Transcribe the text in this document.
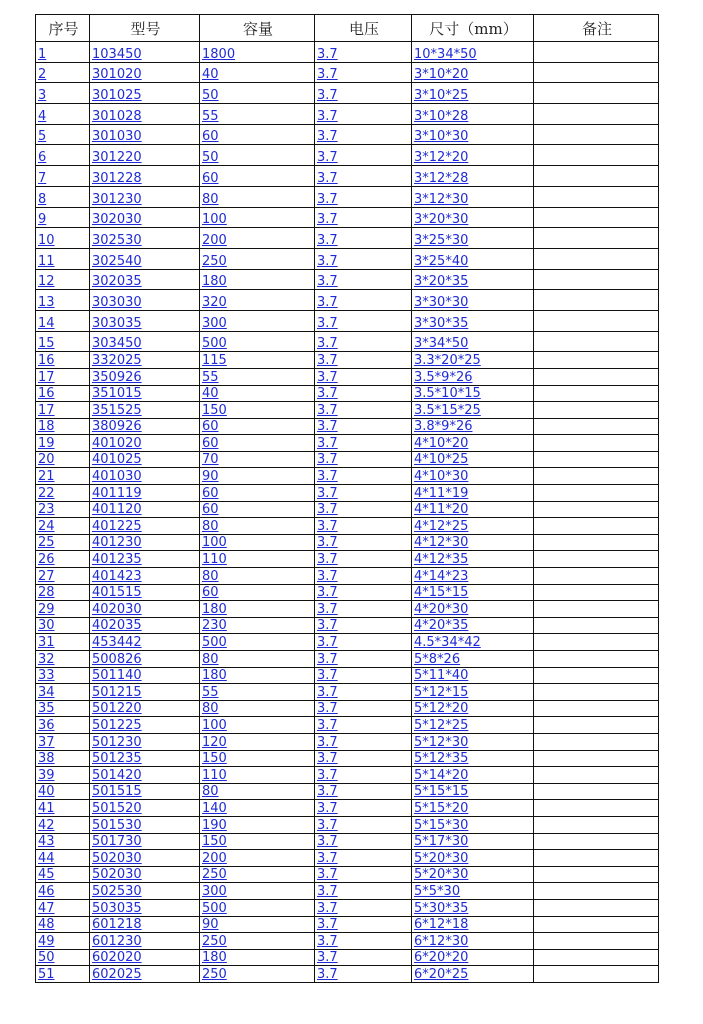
序号	型号	容量	电压	尺寸（mm）	备注
1	103450	1800	3.7	10*34*50	
2	301020	40	3.7	3*10*20	
3	301025	50	3.7	3*10*25	
4	301028	55	3.7	3*10*28	
5	301030	60	3.7	3*10*30	
6	301220	50	3.7	3*12*20	
7	301228	60	3.7	3*12*28	
8	301230	80	3.7	3*12*30	
9	302030	100	3.7	3*20*30	
10	302530	200	3.7	3*25*30	
11	302540	250	3.7	3*25*40	
12	302035	180	3.7	3*20*35	
13	303030	320	3.7	3*30*30	
14	303035	300	3.7	3*30*35	
15	303450	500	3.7	3*34*50	
16	332025	115	3.7	3.3*20*25	
17	350926	55	3.7	3.5*9*26	
16	351015	40	3.7	3.5*10*15	
17	351525	150	3.7	3.5*15*25	
18	380926	60	3.7	3.8*9*26	
19	401020	60	3.7	4*10*20	
20	401025	70	3.7	4*10*25	
21	401030	90	3.7	4*10*30	
22	401119	60	3.7	4*11*19	
23	401120	60	3.7	4*11*20	
24	401225	80	3.7	4*12*25	
25	401230	100	3.7	4*12*30	
26	401235	110	3.7	4*12*35	
27	401423	80	3.7	4*14*23	
28	401515	60	3.7	4*15*15	
29	402030	180	3.7	4*20*30	
30	402035	230	3.7	4*20*35	
31	453442	500	3.7	4.5*34*42	
32	500826	80	3.7	5*8*26	
33	501140	180	3.7	5*11*40	
34	501215	55	3.7	5*12*15	
35	501220	80	3.7	5*12*20	
36	501225	100	3.7	5*12*25	
37	501230	120	3.7	5*12*30	
38	501235	150	3.7	5*12*35	
39	501420	110	3.7	5*14*20	
40	501515	80	3.7	5*15*15	
41	501520	140	3.7	5*15*20	
42	501530	190	3.7	5*15*30	
43	501730	150	3.7	5*17*30	
44	502030	200	3.7	5*20*30	
45	502030	250	3.7	5*20*30	
46	502530	300	3.7	5*5*30	
47	503035	500	3.7	5*30*35	
48	601218	90	3.7	6*12*18	
49	601230	250	3.7	6*12*30	
50	602020	180	3.7	6*20*20	
51	602025	250	3.7	6*20*25	
